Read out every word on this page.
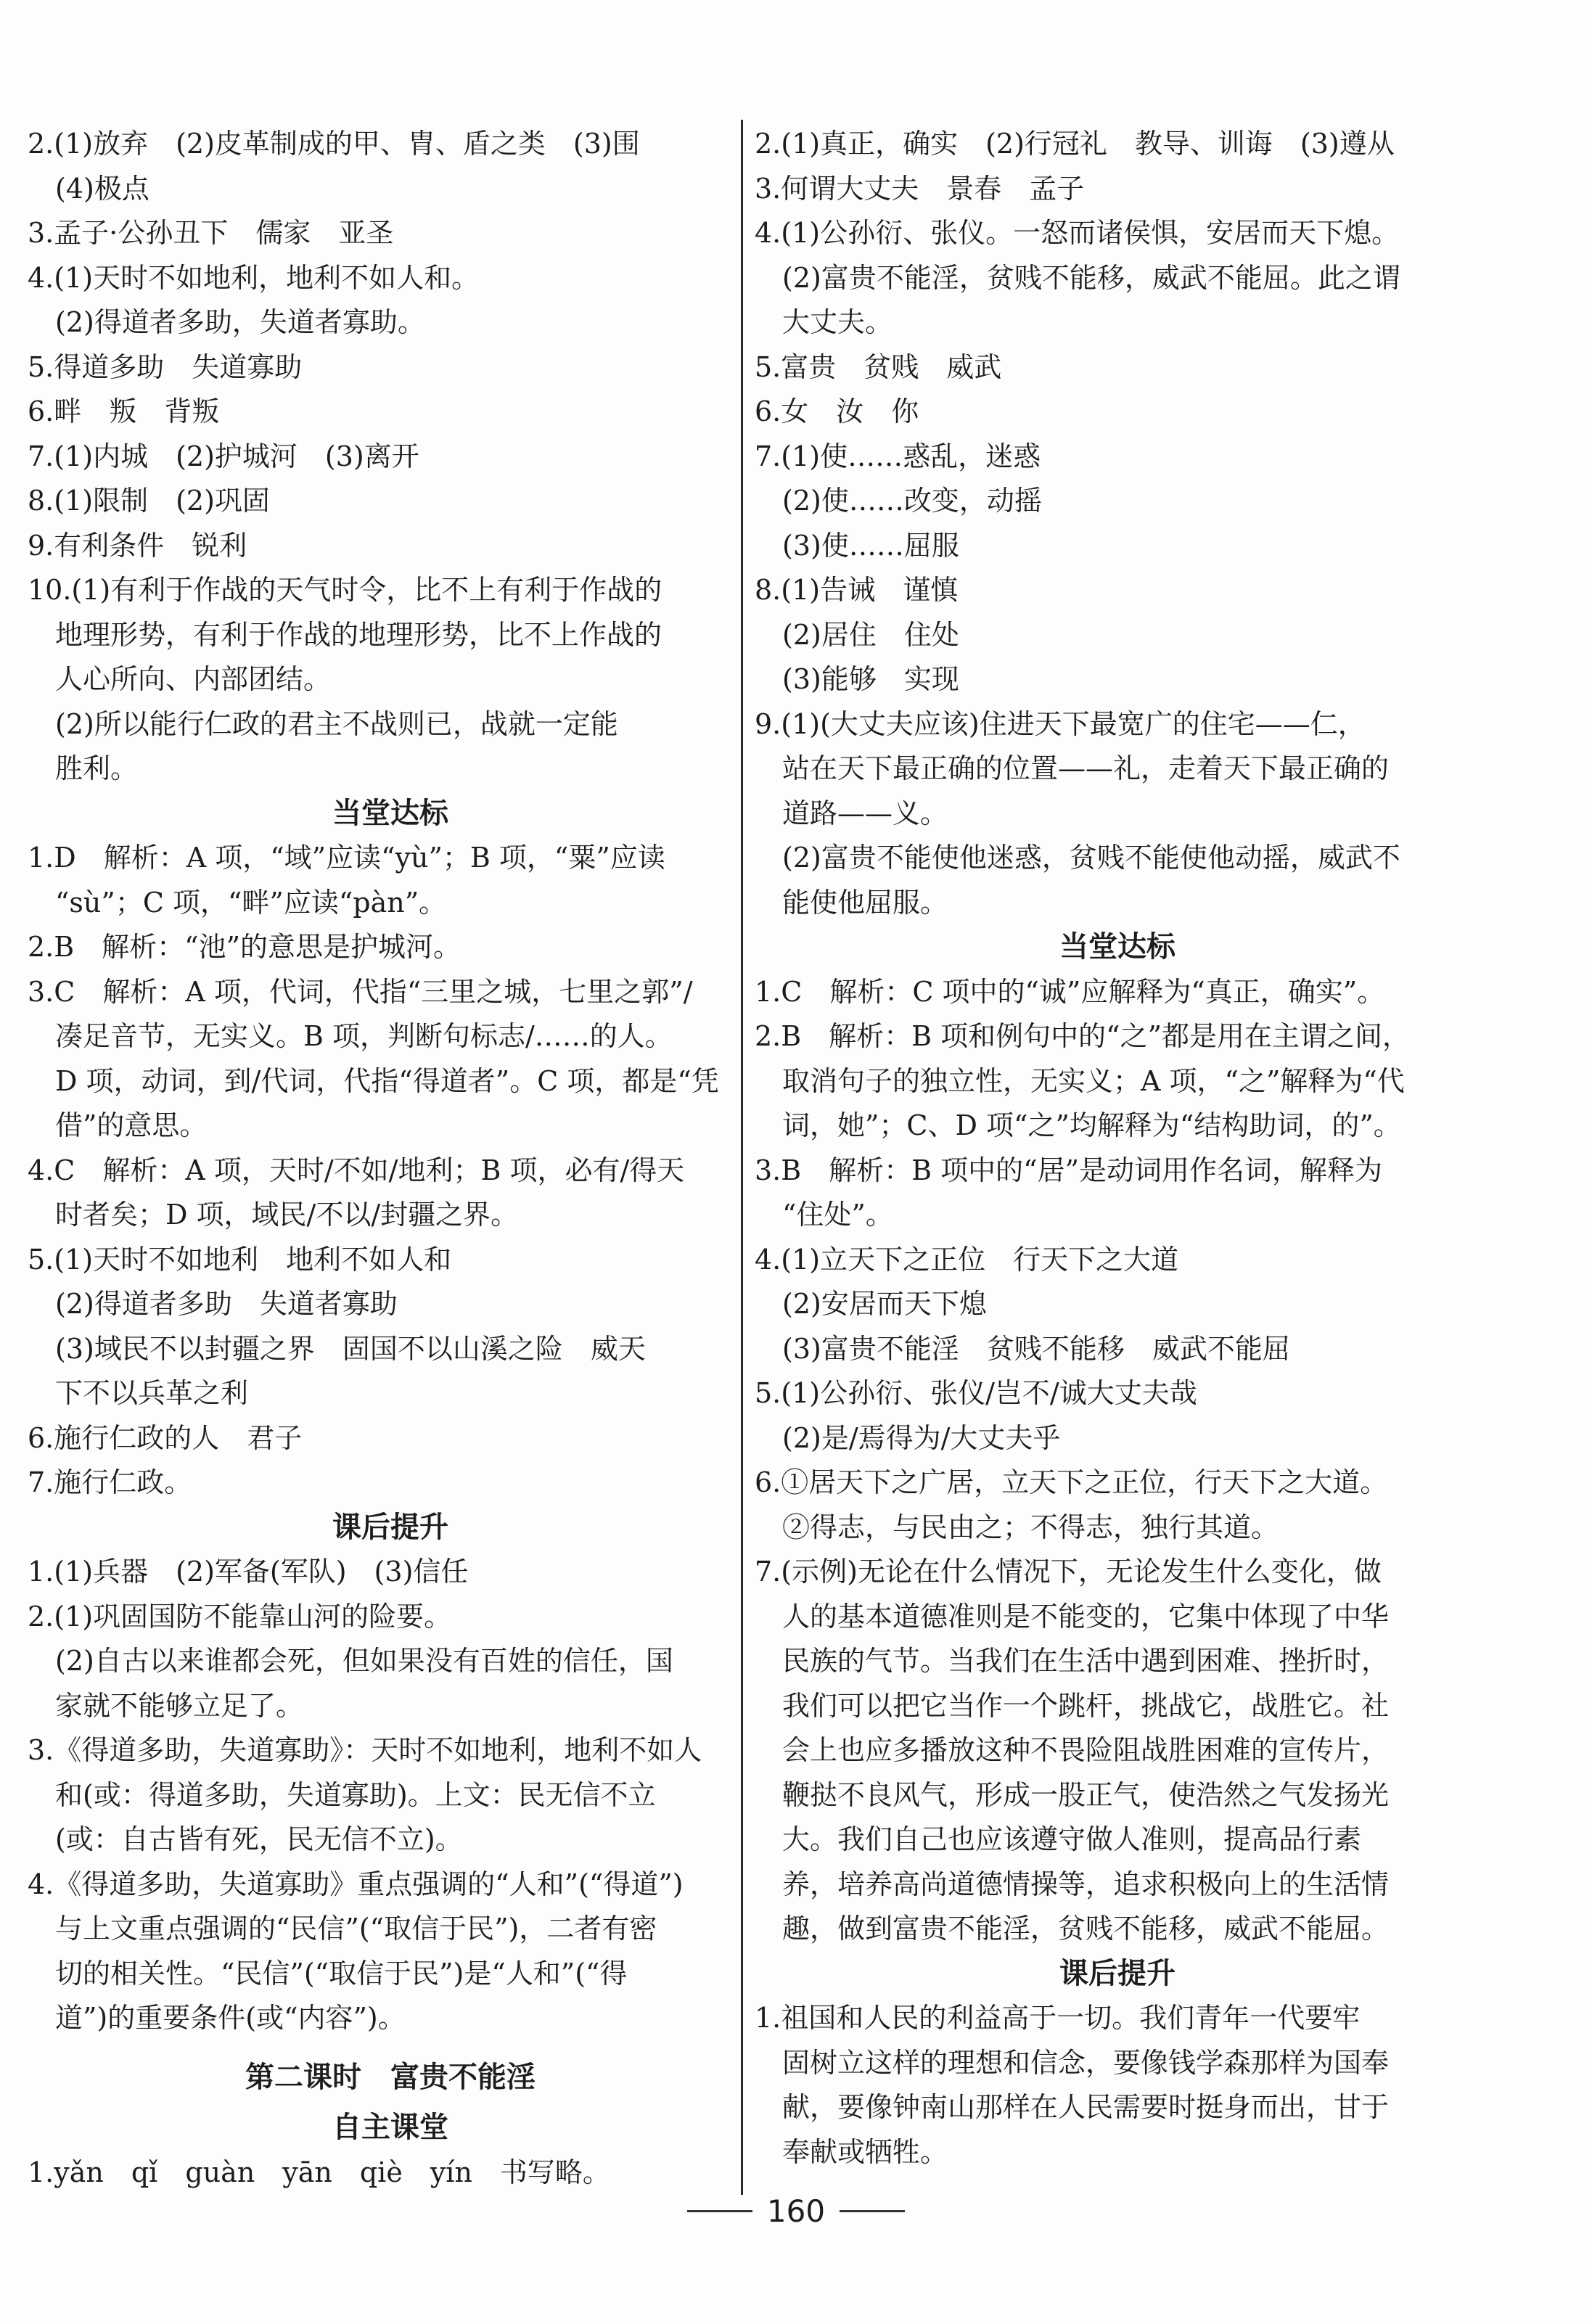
2.(1)放弃　(2)皮革制成的甲、胄、盾之类　(3)围
　(4)极点
3.孟子·公孙丑下　儒家　亚圣
4.(1)天时不如地利，地利不如人和。
　(2)得道者多助，失道者寡助。
5.得道多助　失道寡助
6.畔　叛　背叛
7.(1)内城　(2)护城河　(3)离开
8.(1)限制　(2)巩固
9.有利条件　锐利
10.(1)有利于作战的天气时令，比不上有利于作战的
　地理形势，有利于作战的地理形势，比不上作战的
　人心所向、内部团结。
　(2)所以能行仁政的君主不战则已，战就一定能
　胜利。
当堂达标
1.D　解析：A 项，“域”应读“yù”；B 项，“粟”应读
　“sù”；C 项，“畔”应读“pàn”。
2.B　解析：“池”的意思是护城河。
3.C　解析：A 项，代词，代指“三里之城，七里之郭”/
　凑足音节，无实义。B 项，判断句标志/……的人。
　D 项，动词，到/代词，代指“得道者”。C 项，都是“凭
　借”的意思。
4.C　解析：A 项，天时/不如/地利；B 项，必有/得天
　时者矣；D 项，域民/不以/封疆之界。
5.(1)天时不如地利　地利不如人和
　(2)得道者多助　失道者寡助
　(3)域民不以封疆之界　固国不以山溪之险　威天
　下不以兵革之利
6.施行仁政的人　君子
7.施行仁政。
课后提升
1.(1)兵器　(2)军备(军队)　(3)信任
2.(1)巩固国防不能靠山河的险要。
　(2)自古以来谁都会死，但如果没有百姓的信任，国
　家就不能够立足了。
3.《得道多助，失道寡助》：天时不如地利，地利不如人
　和(或：得道多助，失道寡助)。上文：民无信不立
　(或：自古皆有死，民无信不立)。
4.《得道多助，失道寡助》重点强调的“人和”(“得道”)
　与上文重点强调的“民信”(“取信于民”)，二者有密
　切的相关性。“民信”(“取信于民”)是“人和”(“得
　道”)的重要条件(或“内容”)。
第二课时　富贵不能淫
自主课堂
1.yǎn　qǐ　guàn　yān　qiè　yín　书写略。
2.(1)真正，确实　(2)行冠礼　教导、训诲　(3)遵从
3.何谓大丈夫　景春　孟子
4.(1)公孙衍、张仪。一怒而诸侯惧，安居而天下熄。
　(2)富贵不能淫，贫贱不能移，威武不能屈。此之谓
　大丈夫。
5.富贵　贫贱　威武
6.女　汝　你
7.(1)使……惑乱，迷惑
　(2)使……改变，动摇
　(3)使……屈服
8.(1)告诫　谨慎
　(2)居住　住处
　(3)能够　实现
9.(1)(大丈夫应该)住进天下最宽广的住宅——仁，
　站在天下最正确的位置——礼，走着天下最正确的
　道路——义。
　(2)富贵不能使他迷惑，贫贱不能使他动摇，威武不
　能使他屈服。
当堂达标
1.C　解析：C 项中的“诚”应解释为“真正，确实”。
2.B　解析：B 项和例句中的“之”都是用在主谓之间，
　取消句子的独立性，无实义；A 项，“之”解释为“代
　词，她”；C、D 项“之”均解释为“结构助词，的”。
3.B　解析：B 项中的“居”是动词用作名词，解释为
　“住处”。
4.(1)立天下之正位　行天下之大道
　(2)安居而天下熄
　(3)富贵不能淫　贫贱不能移　威武不能屈
5.(1)公孙衍、张仪/岂不/诚大丈夫哉
　(2)是/焉得为/大丈夫乎
6.①居天下之广居，立天下之正位，行天下之大道。
　②得志，与民由之；不得志，独行其道。
7.(示例)无论在什么情况下，无论发生什么变化，做
　人的基本道德准则是不能变的，它集中体现了中华
　民族的气节。当我们在生活中遇到困难、挫折时，
　我们可以把它当作一个跳杆，挑战它，战胜它。社
　会上也应多播放这种不畏险阻战胜困难的宣传片，
　鞭挞不良风气，形成一股正气，使浩然之气发扬光
　大。我们自己也应该遵守做人准则，提高品行素
　养，培养高尚道德情操等，追求积极向上的生活情
　趣，做到富贵不能淫，贫贱不能移，威武不能屈。
课后提升
1.祖国和人民的利益高于一切。我们青年一代要牢
　固树立这样的理想和信念，要像钱学森那样为国奉
　献，要像钟南山那样在人民需要时挺身而出，甘于
　奉献或牺牲。
160
